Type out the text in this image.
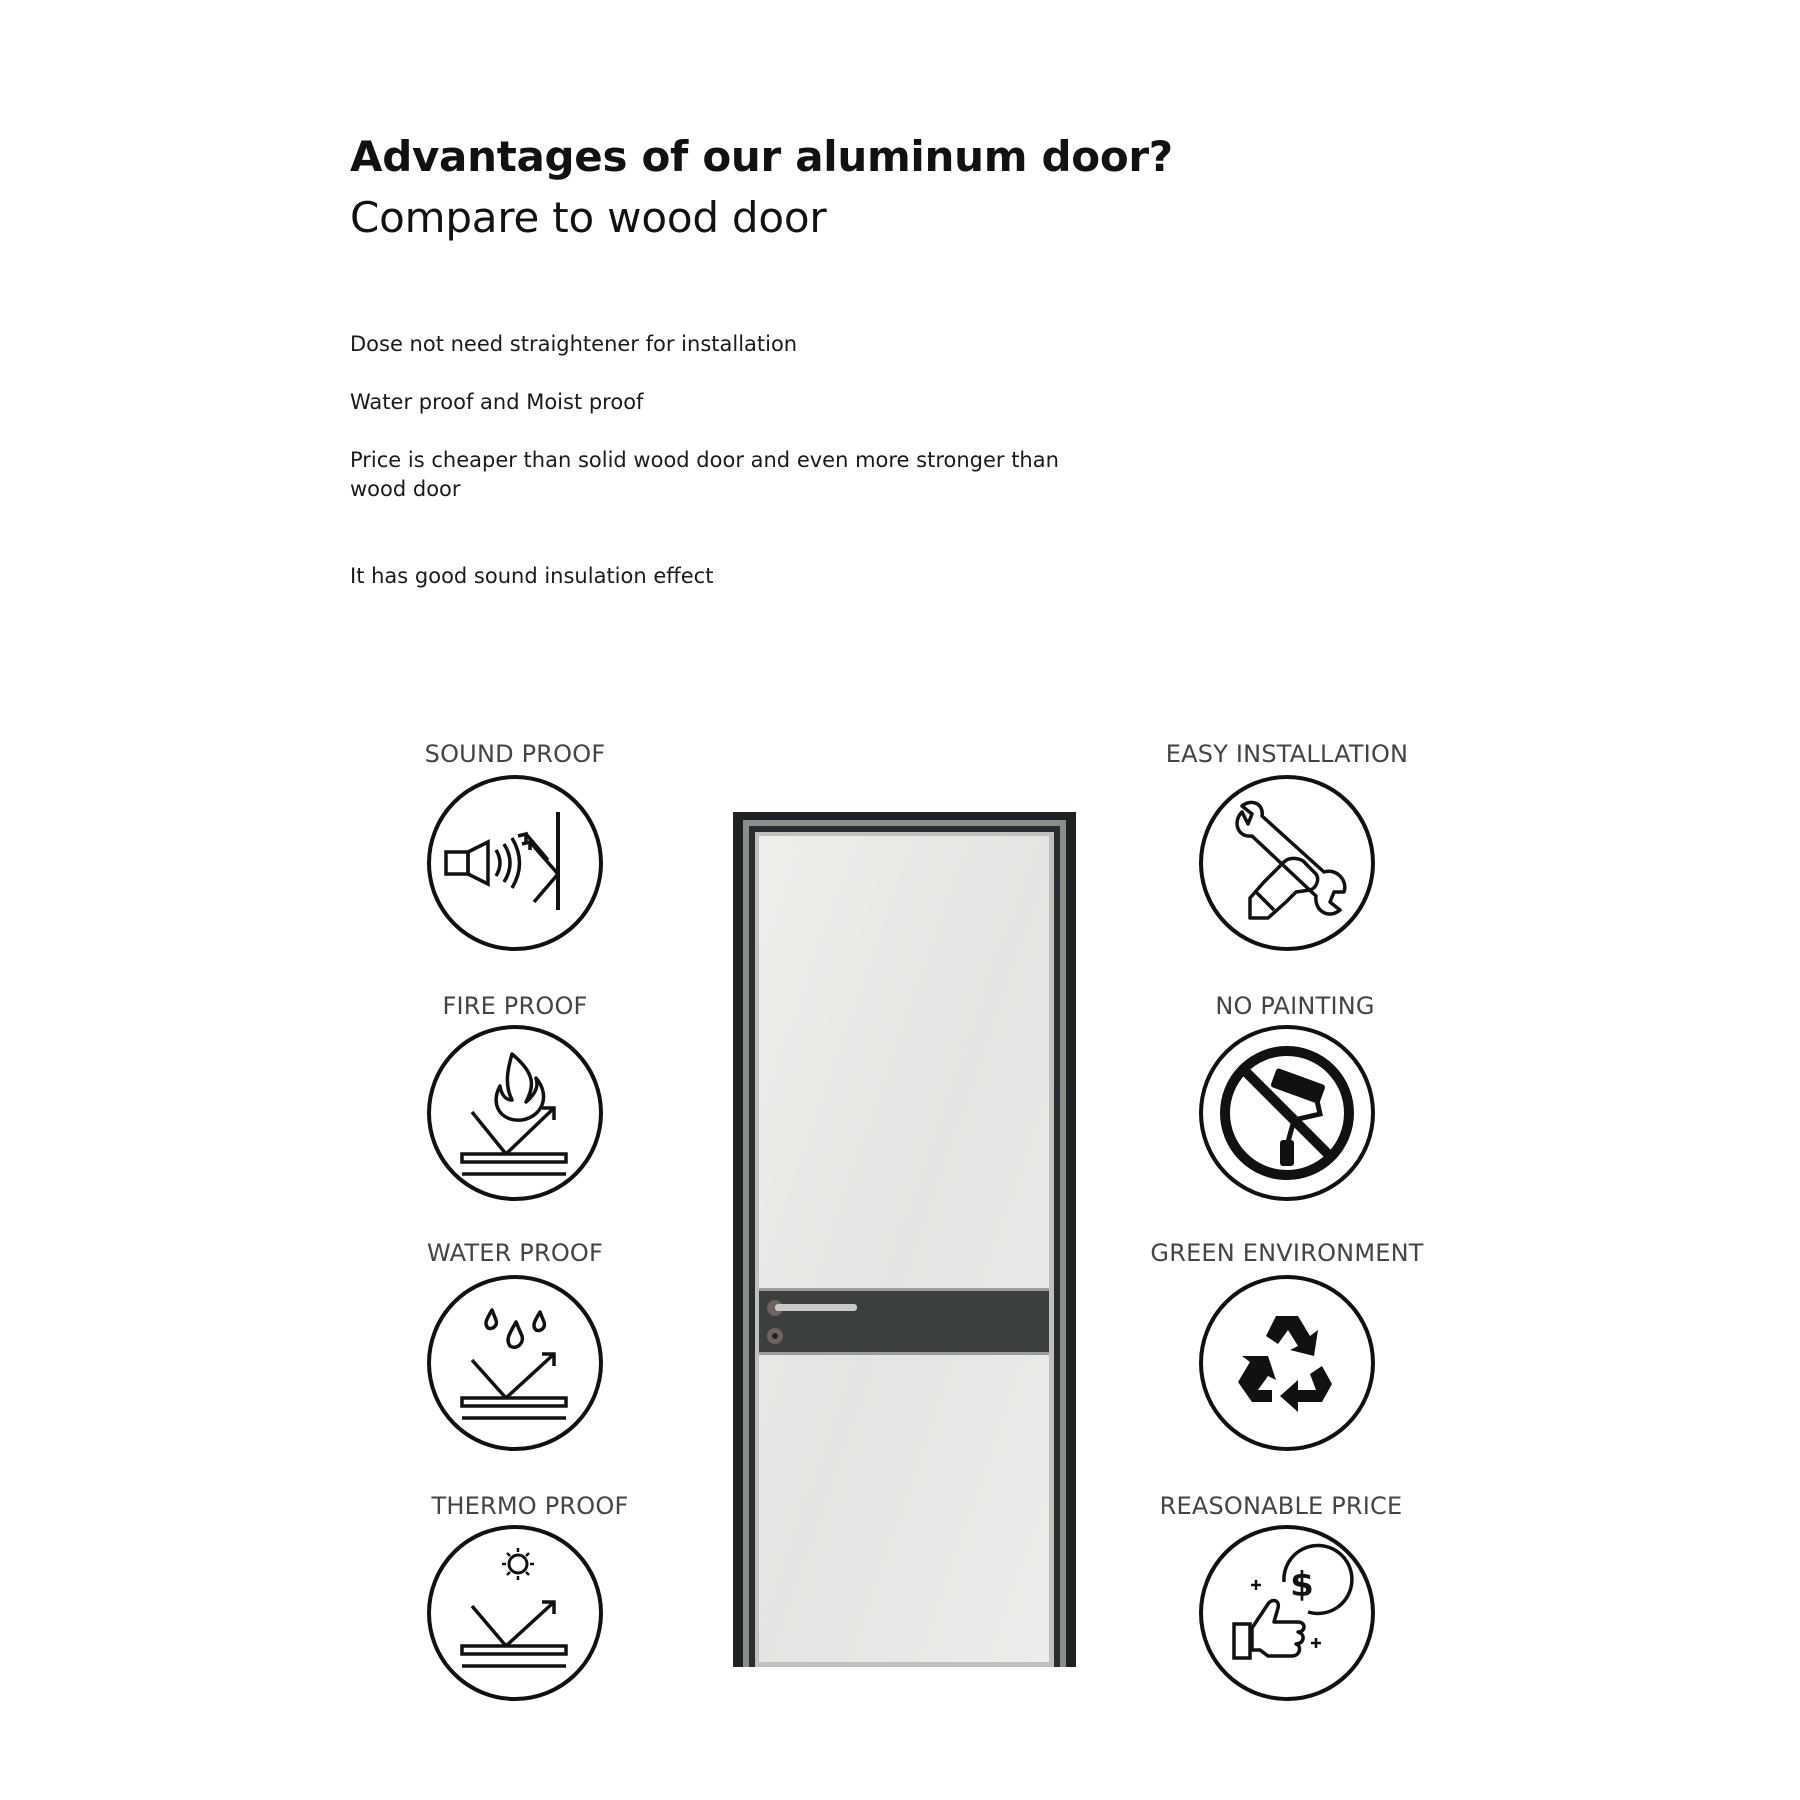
Advantages of our aluminum door?
Compare to wood door

Dose not need straightener for installation

Water proof and Moist proof

Price is cheaper than solid wood door and even more stronger than wood door

It has good sound insulation effect

SOUND PROOF
FIRE PROOF
WATER PROOF
THERMO PROOF
EASY INSTALLATION
NO PAINTING
GREEN ENVIRONMENT
REASONABLE PRICE
$
